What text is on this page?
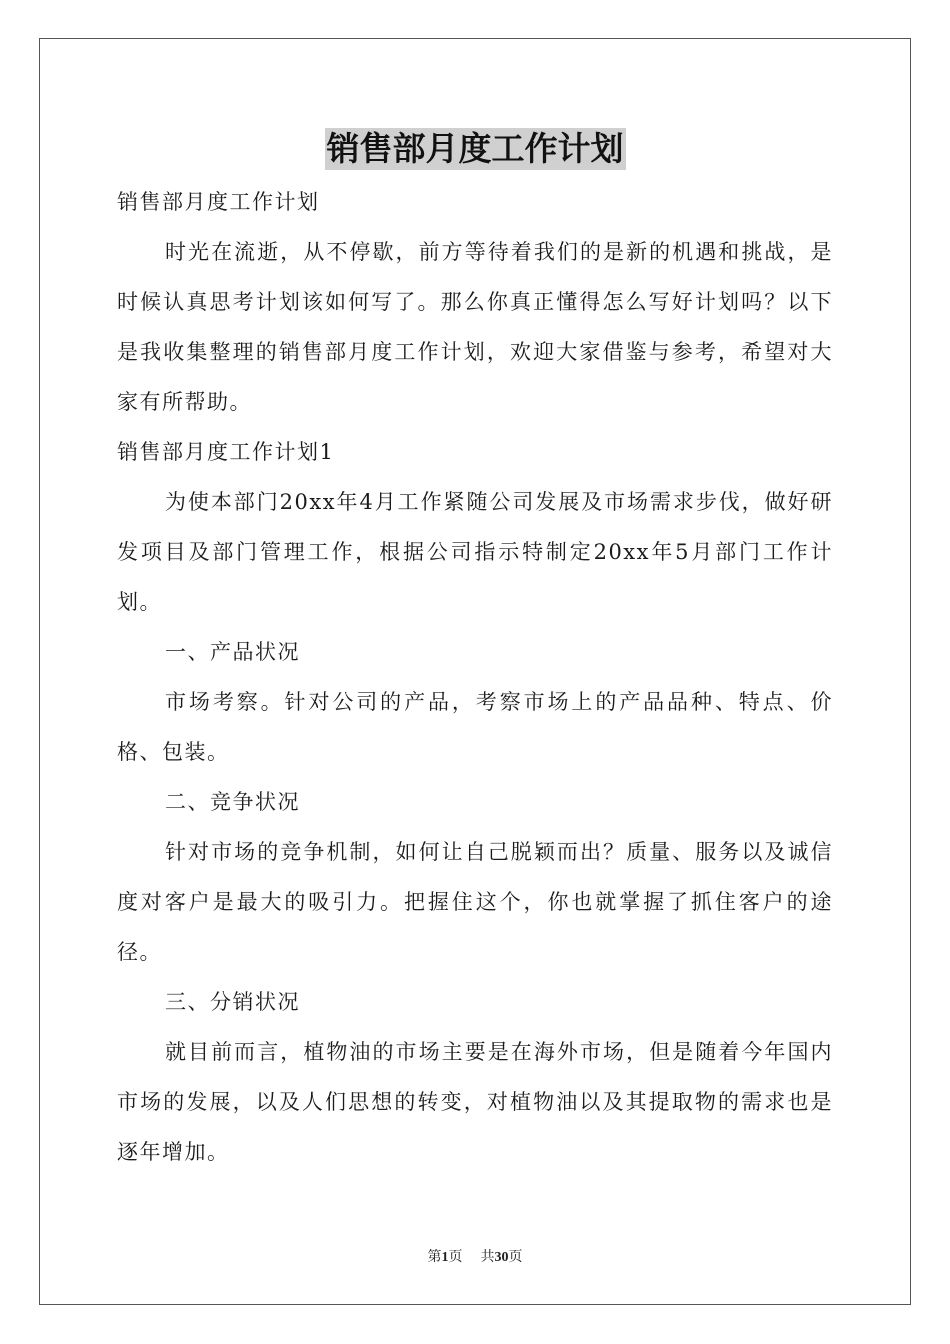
销售部月度工作计划

销售部月度工作计划

时光在流逝，从不停歇，前方等待着我们的是新的机遇和挑战，是时候认真思考计划该如何写了。那么你真正懂得怎么写好计划吗？以下是我收集整理的销售部月度工作计划，欢迎大家借鉴与参考，希望对大家有所帮助。

销售部月度工作计划1

为使本部门20xx年4月工作紧随公司发展及市场需求步伐，做好研发项目及部门管理工作，根据公司指示特制定20xx年5月部门工作计划。

一、产品状况

市场考察。针对公司的产品，考察市场上的产品品种、特点、价格、包装。

二、竞争状况

针对市场的竞争机制，如何让自己脱颖而出？质量、服务以及诚信度对客户是最大的吸引力。把握住这个，你也就掌握了抓住客户的途径。

三、分销状况

就目前而言，植物油的市场主要是在海外市场，但是随着今年国内市场的发展，以及人们思想的转变，对植物油以及其提取物的需求也是逐年增加。

第1页 共30页
